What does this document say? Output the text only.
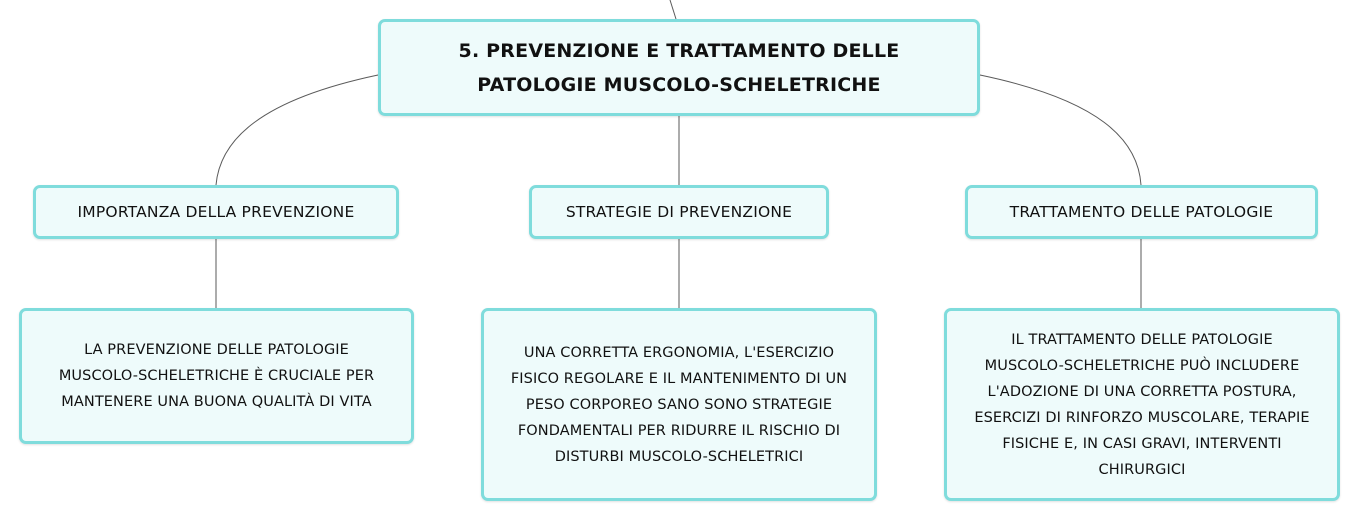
5. PREVENZIONE E TRATTAMENTO DELLE
PATOLOGIE MUSCOLO-SCHELETRICHE
IMPORTANZA DELLA PREVENZIONE	STRATEGIE DI PREVENZIONE	TRATTAMENTO DELLE PATOLOGIE
LA PREVENZIONE DELLE PATOLOGIE
MUSCOLO-SCHELETRICHE È CRUCIALE PER
MANTENERE UNA BUONA QUALITÀ DI VITA
UNA CORRETTA ERGONOMIA, L'ESERCIZIO
FISICO REGOLARE E IL MANTENIMENTO DI UN
PESO CORPOREO SANO SONO STRATEGIE
FONDAMENTALI PER RIDURRE IL RISCHIO DI
DISTURBI MUSCOLO-SCHELETRICI
IL TRATTAMENTO DELLE PATOLOGIE
MUSCOLO-SCHELETRICHE PUÒ INCLUDERE
L'ADOZIONE DI UNA CORRETTA POSTURA,
ESERCIZI DI RINFORZO MUSCOLARE, TERAPIE
FISICHE E, IN CASI GRAVI, INTERVENTI
CHIRURGICI
